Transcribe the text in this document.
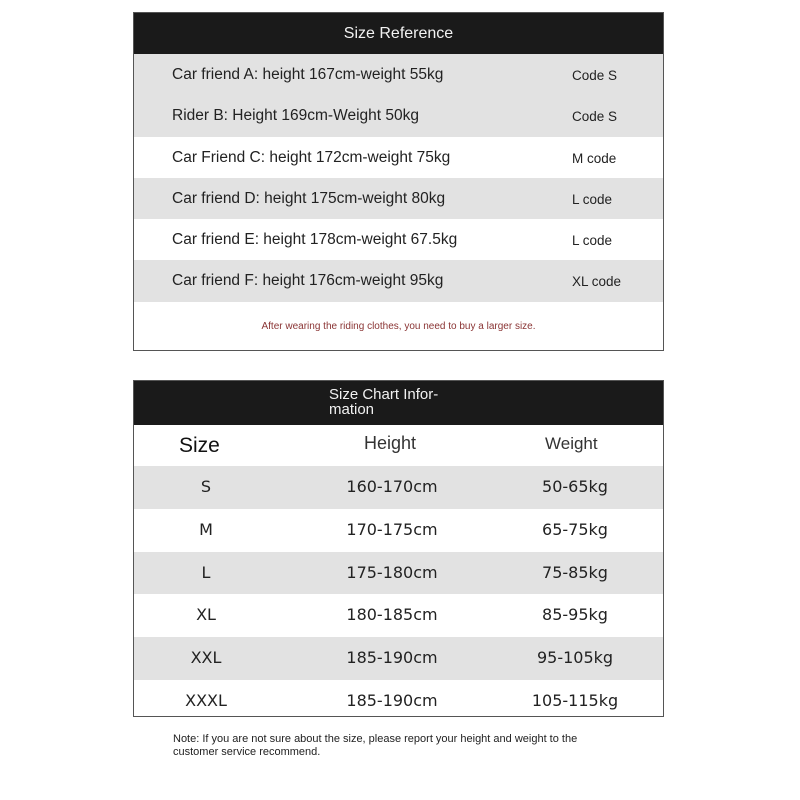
Size Reference
Car friend A: height 167cm-weight 55kg	Code S
Rider B: Height 169cm-Weight 50kg	Code S
Car Friend C: height 172cm-weight 75kg	M code
Car friend D: height 175cm-weight 80kg	L code
Car friend E: height 178cm-weight 67.5kg	L code
Car friend F: height 176cm-weight 95kg	XL code
After wearing the riding clothes, you need to buy a larger size.
Size Chart Infor-mation
Size	Height	Weight
S	160-170cm	50-65kg
M	170-175cm	65-75kg
L	175-180cm	75-85kg
XL	180-185cm	85-95kg
XXL	185-190cm	95-105kg
XXXL	185-190cm	105-115kg
Note: If you are not sure about the size, please report your height and weight to the customer service recommend.
